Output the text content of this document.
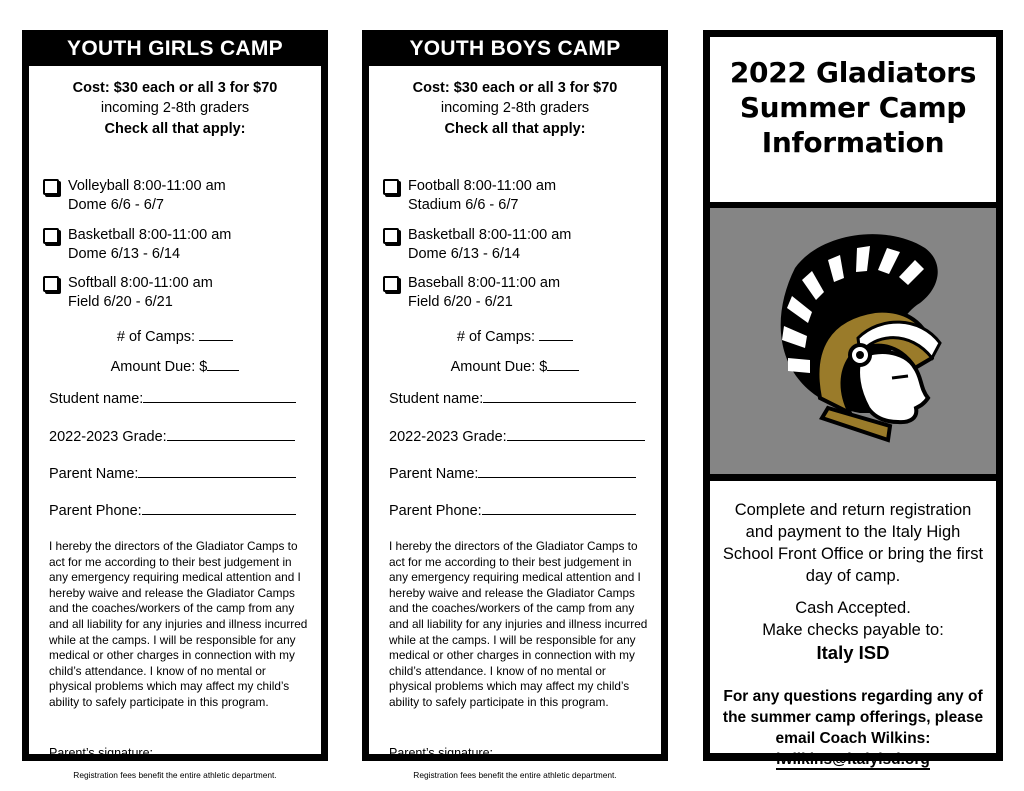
YOUTH GIRLS CAMP
Cost: $30 each or all 3 for $70
incoming 2-8th graders
Check all that apply:
Volleyball 8:00-11:00 am
Dome 6/6 - 6/7
Basketball 8:00-11:00 am
Dome 6/13 - 6/14
Softball 8:00-11:00 am
Field 6/20 - 6/21
# of Camps:
Amount Due: $
Student name:
2022-2023 Grade:
Parent Name:
Parent Phone:
I hereby the directors of the Gladiator Camps to act for me according to their best judgement in any emergency requiring medical attention and I hereby waive and release the Gladiator Camps and the coaches/workers of the camp from any and all liability for any injuries and illness incurred while at the camps. I will be responsible for any medical or other charges in connection with my child’s attendance. I know of no mental or physical problems which may affect my child’s ability to safely participate in this program.
Parent’s signature:
Registration fees benefit the entire athletic department.
YOUTH BOYS CAMP
Cost: $30 each or all 3 for $70
incoming 2-8th graders
Check all that apply:
Football 8:00-11:00 am
Stadium 6/6 - 6/7
Basketball 8:00-11:00 am
Dome 6/13 - 6/14
Baseball 8:00-11:00 am
Field 6/20 - 6/21
# of Camps:
Amount Due: $
Student name:
2022-2023 Grade:
Parent Name:
Parent Phone:
I hereby the directors of the Gladiator Camps to act for me according to their best judgement in any emergency requiring medical attention and I hereby waive and release the Gladiator Camps and the coaches/workers of the camp from any and all liability for any injuries and illness incurred while at the camps. I will be responsible for any medical or other charges in connection with my child’s attendance. I know of no mental or physical problems which may affect my child’s ability to safely participate in this program.
Parent’s signature:
Registration fees benefit the entire athletic department.
2022 Gladiators
Summer Camp
Information
Complete and return registration and payment to the Italy High School Front Office or bring the first day of camp.
Cash Accepted.
Make checks payable to:
Italy ISD
For any questions regarding any of the summer camp offerings, please email Coach Wilkins:
lwilkins@italyisd.org
